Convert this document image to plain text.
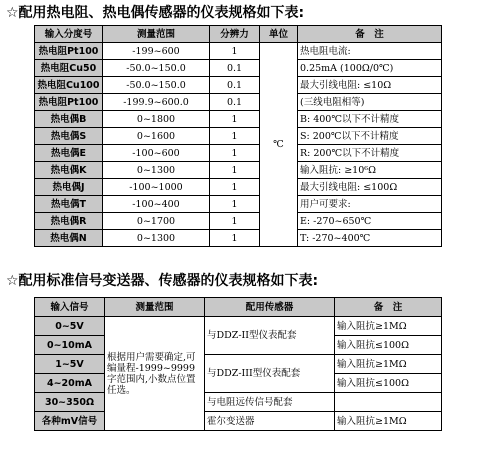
☆配用热电阻、热电偶传感器的仪表规格如下表:
输入分度号	测量范围	分辨力	单位	备　注
热电阻Pt100	-199~600	1	℃	热电阻电流:
热电阻Cu50	-50.0~150.0	0.1		0.25mA (100Ω/0℃)
热电阻Cu100	-50.0~150.0	0.1		最大引线电阻: ≤10Ω
热电阻Pt100	-199.9~600.0	0.1		(三线电阻相等)
热电偶B	0~1800	1		B: 400℃以下不计精度
热电偶S	0~1600	1		S: 200℃以下不计精度
热电偶E	-100~600	1		R: 200℃以下不计精度
热电偶K	0~1300	1		输入阻抗: ≥10⁶Ω
热电偶J	-100~1000	1		最大引线电阻: ≤100Ω
热电偶T	-100~400	1		用户可要求:
热电偶R	0~1700	1		E: -270~650℃
热电偶N	0~1300	1		T: -270~400℃
☆配用标准信号变送器、传感器的仪表规格如下表:
输入信号	测量范围	配用传感器	备　注
0~5V	根据用户需要确定,可编量程-1999~9999字范围内,小数点位置任选。	与DDZ-II型仪表配套	输入阻抗≥1MΩ
0~10mA			输入阻抗≤100Ω
1~5V		与DDZ-III型仪表配套	输入阻抗≥1MΩ
4~20mA			输入阻抗≤100Ω
30~350Ω		与电阻远传信号配套	
各种mV信号		霍尔变送器	输入阻抗≥1MΩ
